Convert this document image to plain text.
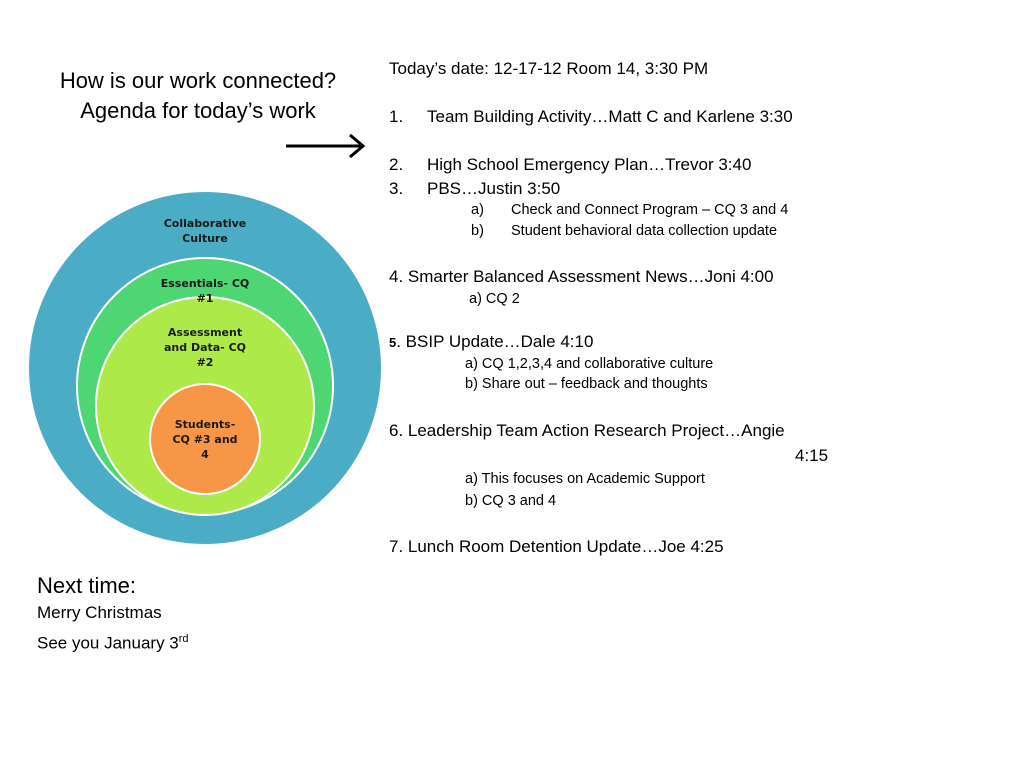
How is our work connected?
Agenda for today’s work
Collaborative
Culture
Essentials- CQ
#1
Assessment
and Data- CQ
#2
Students-
CQ #3 and
4
Today’s date: 12-17-12 Room 14, 3:30 PM
1. Team Building Activity…Matt C and Karlene 3:30
2. High School Emergency Plan…Trevor 3:40
3. PBS…Justin 3:50
a) Check and Connect Program – CQ 3 and 4
b) Student behavioral data collection update
4. Smarter Balanced Assessment News…Joni 4:00
a) CQ 2
5. BSIP Update…Dale 4:10
a) CQ 1,2,3,4 and collaborative culture
b) Share out – feedback and thoughts
6. Leadership Team Action Research Project…Angie
4:15
a) This focuses on Academic Support
b) CQ 3 and 4
7. Lunch Room Detention Update…Joe 4:25
Next time:
Merry Christmas
See you January 3rd
